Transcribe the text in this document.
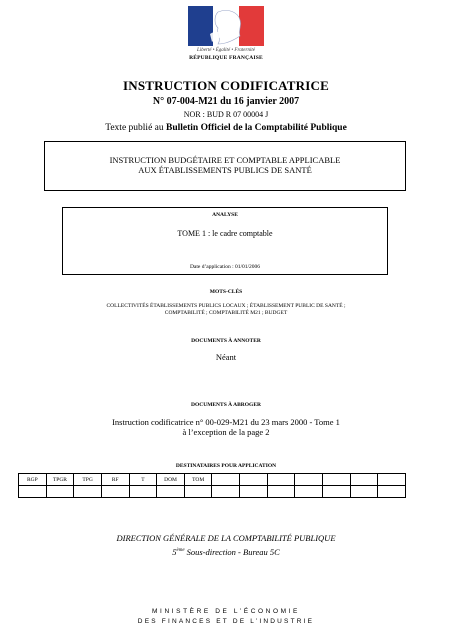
Liberté • Égalité • Fraternité
RÉPUBLIQUE FRANÇAISE
INSTRUCTION CODIFICATRICE
N° 07-004-M21 du 16 janvier 2007
NOR : BUD R 07 00004 J
Texte publié au Bulletin Officiel de la Comptabilité Publique
INSTRUCTION BUDGÉTAIRE ET COMPTABLE APPLICABLE
AUX ÉTABLISSEMENTS PUBLICS DE SANTÉ
ANALYSE
TOME 1 : le cadre comptable
Date d’application : 01/01/2006
MOTS-CLÉS
COLLECTIVITÉS ÉTABLISSEMENTS PUBLICS LOCAUX ; ÉTABLISSEMENT PUBLIC DE SANTÉ ;
COMPTABILITÉ ; COMPTABILITÉ M21 ; BUDGET
DOCUMENTS À ANNOTER
Néant
DOCUMENTS À ABROGER
Instruction codificatrice n° 00-029-M21 du 23 mars 2000 - Tome 1
à l’exception de la page 2
DESTINATAIRES POUR APPLICATION
RGP	TPGR	TPG	RF	T	DOM	TOM							

DIRECTION GÉNÉRALE DE LA COMPTABILITÉ PUBLIQUE
5ème Sous-direction - Bureau 5C
MINISTÈRE DE L’ÉCONOMIE
DES FINANCES ET DE L’INDUSTRIE
